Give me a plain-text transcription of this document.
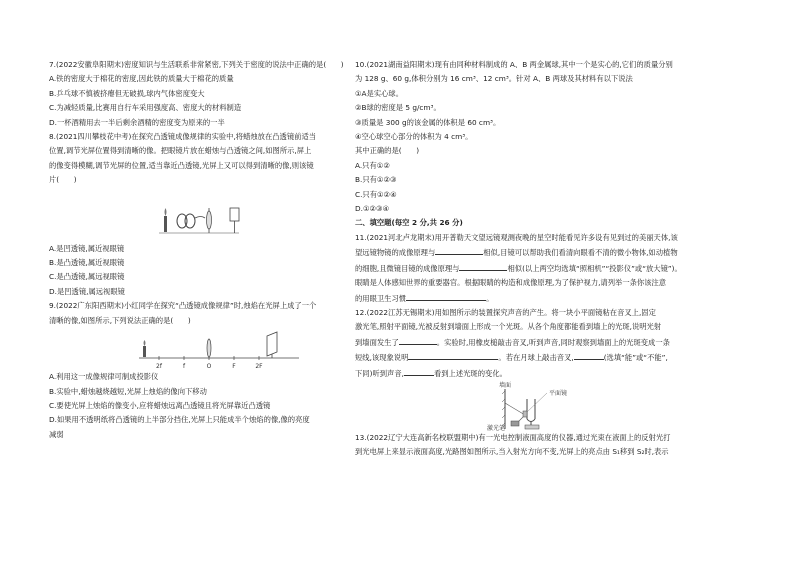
7.(2022安徽阜阳期末)密度知识与生活联系非常紧密,下列关于密度的说法中正确的是(　　)
A.铁的密度大于棉花的密度,因此铁的质量大于棉花的质量
B.乒乓球不慎被挤瘪但无破损,球内气体密度变大
C.为减轻质量,比赛用自行车采用强度高、密度大的材料制造
D.一杯酒精用去一半后剩余酒精的密度变为原来的一半
8.(2021四川攀枝花中考)在探究凸透镜成像规律的实验中,将蜡烛放在凸透镜前适当
位置,调节光屏位置得到清晰的像。把眼镜片放在蜡烛与凸透镜之间,如图所示,屏上
的像变得模糊,调节光屏的位置,适当靠近凸透镜,光屏上又可以得到清晰的像,则该镜
片(　　)
A.是凹透镜,属近视眼镜
B.是凸透镜,属近视眼镜
C.是凸透镜,属远视眼镜
D.是凹透镜,属远视眼镜
9.(2022广东阳西期末)小红同学在探究“凸透镜成像规律”时,烛焰在光屏上成了一个
清晰的像,如图所示,下列说法正确的是(　　)
2f	f	O	F	2F
A.利用这一成像规律可制成投影仪
B.实验中,蜡烛越烧越短,光屏上烛焰的像向下移动
C.要使光屏上烛焰的像变小,应将蜡烛远离凸透镜且将光屏靠近凸透镜
D.如果用不透明纸将凸透镜的上半部分挡住,光屏上只能成半个烛焰的像,像的亮度
减弱
10.(2021湖南益阳期末)现有由同种材料制成的 A、B 两金属球,其中一个是实心的,它们的质量分别
为 128 g、60 g,体积分别为 16 cm³、12 cm³。针对 A、B 两球及其材料有以下说法
①A是实心球。
②B球的密度是 5 g/cm³。
③质量是 300 g的该金属的体积是 60 cm³。
④空心球空心部分的体积为 4 cm³。
其中正确的是(　　)
A.只有①②
B.只有①②③
C.只有①②④
D.①②③④
二、填空题(每空 2 分,共 26 分)
11.(2021河北卢龙期末)用开普勒天文望远镜观测夜晚的星空时能看见许多设有见到过的美丽天体,该
望远镜物镜的成像原理与	相似,目镜可以帮助我们看清向眼看不清的微小物体,如动植物
的细胞,且微镜目镜的成像原理与	相似(以上两空均选填“照相机”“投影仪”或“放大镜”)。
眼睛是人体感知世界的重要器官。根据眼睛的构造和成像原理,为了保护视力,请列举一条你该注意
的用眼卫生习惯	。
12.(2022江苏无锡期末)用如图所示的装置探究声音的产生。将一块小平面镜粘在音叉上,固定
激光笔,照射平面镜,光被反射到墙面上形成一个光斑。从各个角度都能看到墙上的光斑,说明光射
到墙面发生了	。实验时,用橡皮槌敲击音叉,听到声音,同时观察到墙面上的光斑变成一条
短线,该现象说明	。若在月球上敲击音叉,	(选填“能”或“不能”,
下同)听到声音,	看到上述光斑的变化。
墙面
平面镜
激光笔
13.(2022辽宁大连高新名校联盟期中)有一光电控制液面高度的仪器,通过光束在液面上的反射光打
到光电屏上来显示液面高度,光路图如图所示,当入射光方向不变,光屏上的亮点由 S₁移到 S₂时,表示
